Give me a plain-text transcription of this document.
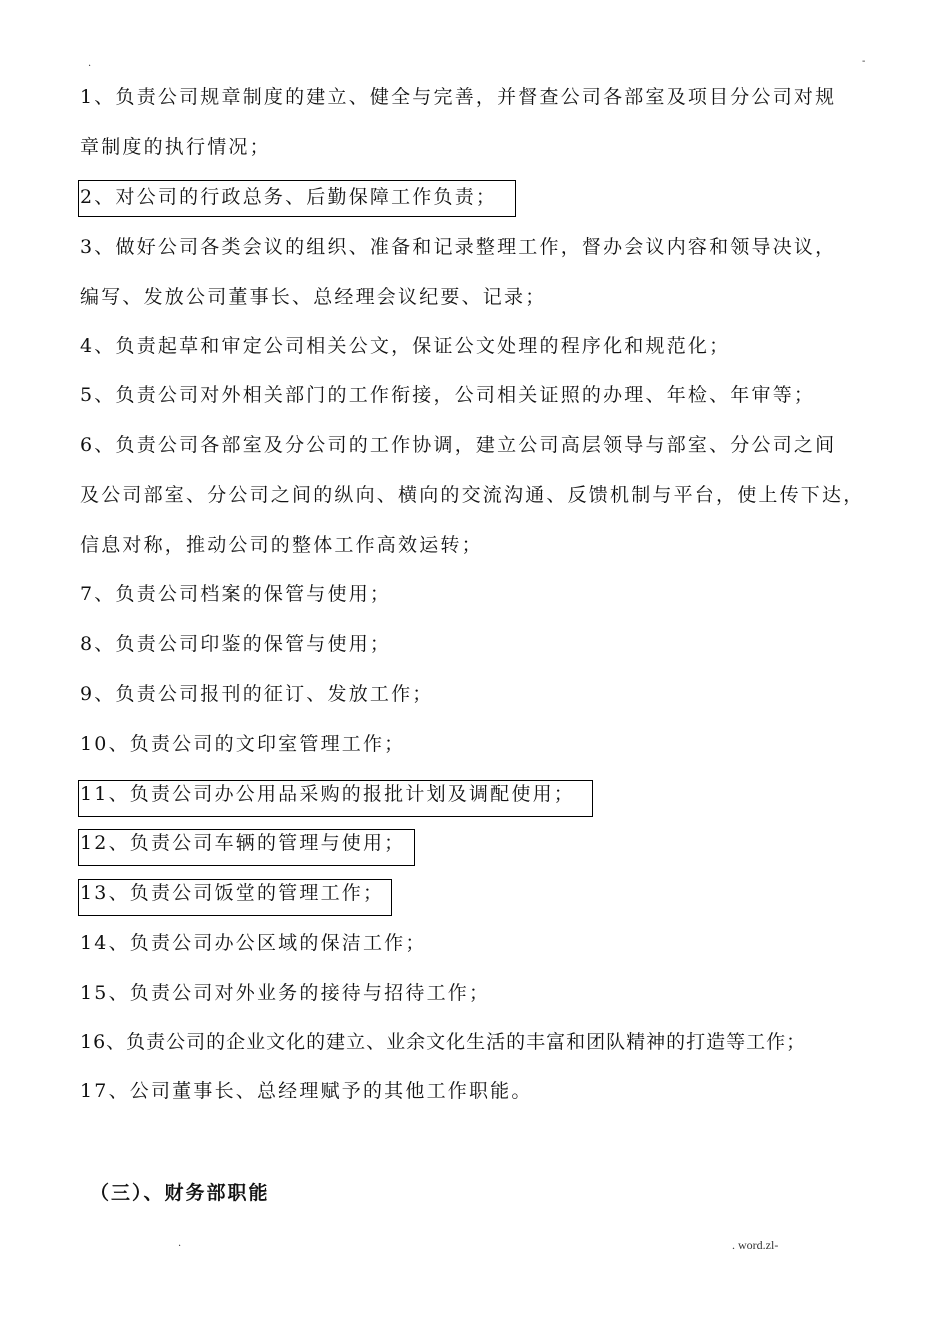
.	-
1、负责公司规章制度的建立、健全与完善，并督查公司各部室及项目分公司对规
章制度的执行情况；
2、对公司的行政总务、后勤保障工作负责；
3、做好公司各类会议的组织、准备和记录整理工作，督办会议内容和领导决议，
编写、发放公司董事长、总经理会议纪要、记录；
4、负责起草和审定公司相关公文，保证公文处理的程序化和规范化；
5、负责公司对外相关部门的工作衔接，公司相关证照的办理、年检、年审等；
6、负责公司各部室及分公司的工作协调，建立公司高层领导与部室、分公司之间
及公司部室、分公司之间的纵向、横向的交流沟通、反馈机制与平台，使上传下达，
信息对称，推动公司的整体工作高效运转；
7、负责公司档案的保管与使用；
8、负责公司印鉴的保管与使用；
9、负责公司报刊的征订、发放工作；
10、负责公司的文印室管理工作；
11、负责公司办公用品采购的报批计划及调配使用；
12、负责公司车辆的管理与使用；
13、负责公司饭堂的管理工作；
14、负责公司办公区域的保洁工作；
15、负责公司对外业务的接待与招待工作；
16、负责公司的企业文化的建立、业余文化生活的丰富和团队精神的打造等工作；
17、公司董事长、总经理赋予的其他工作职能。
（三）、财务部职能
.	. word.zl-
